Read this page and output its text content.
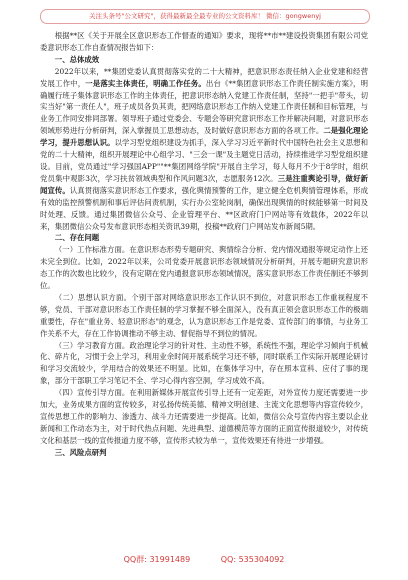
关注头条号"公文研究"，获得最新最全最专业的公文资料库！ 微信：gongwenyj

根据**区《关于开展全区意识形态工作督查的通知》要求，现将**市**建设投资集团有限公司党委意识形态工作自查情况报告如下：

一、总体成效

2022年以来，**集团党委认真贯彻落实党的二十大精神，把意识形态责任纳入企业党建和经营发展工作中，一是落实主体责任，明确工作任务。出台《**集团意识形态工作责任制实施方案》，明确履行班子集体意识形态工作的主体责任，把意识形态纳入党建工作责任制，坚持"一把手"带头，切实当好"第一责任人"，班子成员各负其责，把网络意识形态工作纳入党建工作责任制和目标管理，与业务工作同安排同部署。领导班子通过党委会、专题会等研究意识形态工作并解决问题，对意识形态领域形势进行分析研判，深入掌握员工思想动态，及时做好意识形态方面的各项工作。二是强化理论学习，提升思想认识。以学习型党组织建设为抓手，深入学习习近平新时代中国特色社会主义思想和党的二十大精神，组织开展理论中心组学习、"三会一课"及主题党日活动，持续推进学习型党组织建设。目前，党员通过"学习强国APP""**集团网络学院"开展自主学习，每人每月不少于8学时，组织党员集中观影3次，学习扶贫领域典型和作风问题3次，志愿服务12次。三是注重舆论引导，做好新闻宣传。认真贯彻落实意识形态工作要求，强化舆情预警的工作，建立健全危机舆情管理体系，形成有效的监控预警机制和事后评估问责机制，实行办公室轮岗制，确保出现舆情的时候能够第一时间及时处理、反馈。通过集团微信公众号、企业管理平台、**区政府门户网站等有效载体，2022年以来，集团微信公众号发布意识形态相关资讯39期，投稿**政府门户网站发布新闻5期。

二、存在问题

（一）工作标准方面。在意识形态形势专题研究、舆情综合分析、党内情况通报等规定动作上还未完全到位。比如，2022年以来，公司党委开展意识形态领域情况分析研判，开展专题研究意识形态工作的次数也比较少，没有定期在党内通报意识形态领域情况，落实意识形态工作责任制还不够到位。

（二）思想认识方面。个别干部对网络意识形态工作认识不到位，对意识形态工作重视程度不够，党员、干部对意识形态工作责任制的学习掌握不够全面深入，没有真正领会意识形态工作的极端重要性，存在"重业务、轻意识形态"的观念，认为意识形态工作是党委、宣传部门的事情，与业务工作关系不大，存在工作协调推动不够主动、督促指导不到位的情况。

（三）学习教育方面。政治理论学习的针对性、主动性不够，系统性不强，理论学习倾向于机械化、碎片化，习惯于会上学习，利用业余时间开展系统学习还不够，同时联系工作实际开展理论研讨和学习交流较少，学用结合的效果还不明显。比如，在集体学习中，存在照本宣科、应付了事的现象，部分干部职工学习笔记不全、学习心得内容空洞，学习成效不高。

（四）宣传引导方面。在利用新媒体开展宣传引导上还有一定差距，对外宣传力度还需要进一步加大，业务成果方面的宣传较多，对弘扬传统美德、精神文明创建、主流文化思想等内容宣传较少，宣传思想工作的影响力、渗透力、战斗力还需要进一步提高。比如，微信公众号宣传内容主要以企业新闻和工作动态为主，对于时代热点问题、先进典型、道德模范等方面的正面宣传报道较少，对传统文化和基层一线的宣传报道力度不够，宣传形式较为单一，宣传效果还有待进一步增强。

三、风险点研判

QQ群: 31991489	QQ: 535304092
